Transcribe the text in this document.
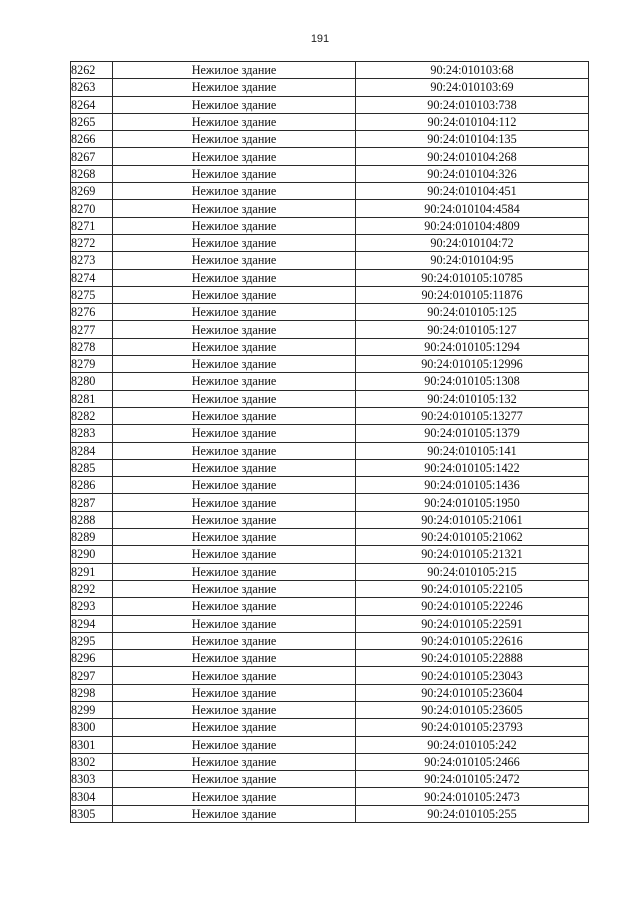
191
8262	Нежилое здание	90:24:010103:68
8263	Нежилое здание	90:24:010103:69
8264	Нежилое здание	90:24:010103:738
8265	Нежилое здание	90:24:010104:112
8266	Нежилое здание	90:24:010104:135
8267	Нежилое здание	90:24:010104:268
8268	Нежилое здание	90:24:010104:326
8269	Нежилое здание	90:24:010104:451
8270	Нежилое здание	90:24:010104:4584
8271	Нежилое здание	90:24:010104:4809
8272	Нежилое здание	90:24:010104:72
8273	Нежилое здание	90:24:010104:95
8274	Нежилое здание	90:24:010105:10785
8275	Нежилое здание	90:24:010105:11876
8276	Нежилое здание	90:24:010105:125
8277	Нежилое здание	90:24:010105:127
8278	Нежилое здание	90:24:010105:1294
8279	Нежилое здание	90:24:010105:12996
8280	Нежилое здание	90:24:010105:1308
8281	Нежилое здание	90:24:010105:132
8282	Нежилое здание	90:24:010105:13277
8283	Нежилое здание	90:24:010105:1379
8284	Нежилое здание	90:24:010105:141
8285	Нежилое здание	90:24:010105:1422
8286	Нежилое здание	90:24:010105:1436
8287	Нежилое здание	90:24:010105:1950
8288	Нежилое здание	90:24:010105:21061
8289	Нежилое здание	90:24:010105:21062
8290	Нежилое здание	90:24:010105:21321
8291	Нежилое здание	90:24:010105:215
8292	Нежилое здание	90:24:010105:22105
8293	Нежилое здание	90:24:010105:22246
8294	Нежилое здание	90:24:010105:22591
8295	Нежилое здание	90:24:010105:22616
8296	Нежилое здание	90:24:010105:22888
8297	Нежилое здание	90:24:010105:23043
8298	Нежилое здание	90:24:010105:23604
8299	Нежилое здание	90:24:010105:23605
8300	Нежилое здание	90:24:010105:23793
8301	Нежилое здание	90:24:010105:242
8302	Нежилое здание	90:24:010105:2466
8303	Нежилое здание	90:24:010105:2472
8304	Нежилое здание	90:24:010105:2473
8305	Нежилое здание	90:24:010105:255
